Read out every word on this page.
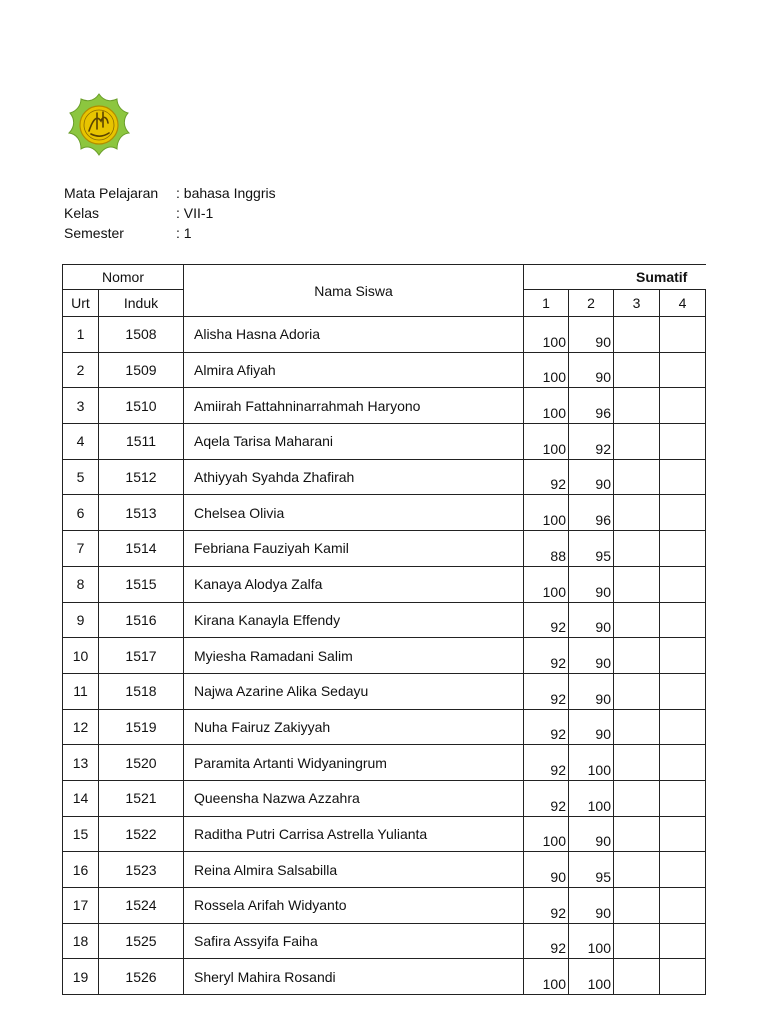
Mata Pelajaran	: bahasa Inggris
Kelas	: VII-1
Semester	: 1
Nomor		Nama Siswa	Sumatif			
Urt	Induk		1	2	3	4
1	1508	Alisha Hasna Adoria	100	90		
2	1509	Almira Afiyah	100	90		
3	1510	Amiirah Fattahninarrahmah Haryono	100	96		
4	1511	Aqela Tarisa Maharani	100	92		
5	1512	Athiyyah Syahda Zhafirah	92	90		
6	1513	Chelsea Olivia	100	96		
7	1514	Febriana Fauziyah Kamil	88	95		
8	1515	Kanaya Alodya Zalfa	100	90		
9	1516	Kirana Kanayla Effendy	92	90		
10	1517	Myiesha Ramadani Salim	92	90		
11	1518	Najwa Azarine Alika Sedayu	92	90		
12	1519	Nuha Fairuz Zakiyyah	92	90		
13	1520	Paramita Artanti Widyaningrum	92	100		
14	1521	Queensha Nazwa Azzahra	92	100		
15	1522	Raditha Putri Carrisa Astrella Yulianta	100	90		
16	1523	Reina Almira Salsabilla	90	95		
17	1524	Rossela Arifah Widyanto	92	90		
18	1525	Safira Assyifa Faiha	92	100		
19	1526	Sheryl Mahira Rosandi	100	100		
